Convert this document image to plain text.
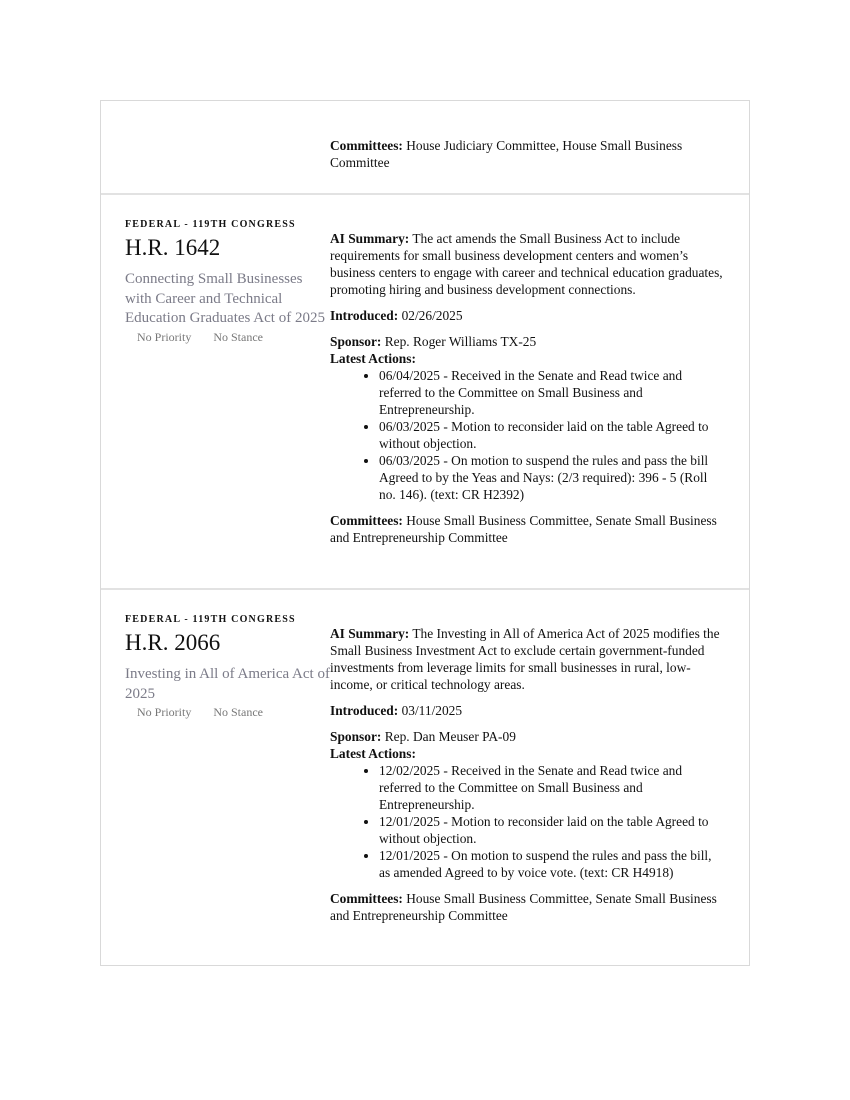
Committees: House Judiciary Committee, House Small Business Committee

FEDERAL - 119TH CONGRESS

H.R. 1642

Connecting Small Businesses with Career and Technical Education Graduates Act of 2025

No Priority No Stance

AI Summary: The act amends the Small Business Act to include requirements for small business development centers and women’s business centers to engage with career and technical education graduates, promoting hiring and business development connections.

Introduced: 02/26/2025

Sponsor: Rep. Roger Williams TX-25

Latest Actions:

• 06/04/2025 - Received in the Senate and Read twice and referred to the Committee on Small Business and Entrepreneurship.
• 06/03/2025 - Motion to reconsider laid on the table Agreed to without objection.
• 06/03/2025 - On motion to suspend the rules and pass the bill Agreed to by the Yeas and Nays: (2/3 required): 396 - 5 (Roll no. 146). (text: CR H2392)

Committees: House Small Business Committee, Senate Small Business and Entrepreneurship Committee

FEDERAL - 119TH CONGRESS

H.R. 2066

Investing in All of America Act of 2025

No Priority No Stance

AI Summary: The Investing in All of America Act of 2025 modifies the Small Business Investment Act to exclude certain government-funded investments from leverage limits for small businesses in rural, low-income, or critical technology areas.

Introduced: 03/11/2025

Sponsor: Rep. Dan Meuser PA-09

Latest Actions:

• 12/02/2025 - Received in the Senate and Read twice and referred to the Committee on Small Business and Entrepreneurship.
• 12/01/2025 - Motion to reconsider laid on the table Agreed to without objection.
• 12/01/2025 - On motion to suspend the rules and pass the bill, as amended Agreed to by voice vote. (text: CR H4918)

Committees: House Small Business Committee, Senate Small Business and Entrepreneurship Committee
